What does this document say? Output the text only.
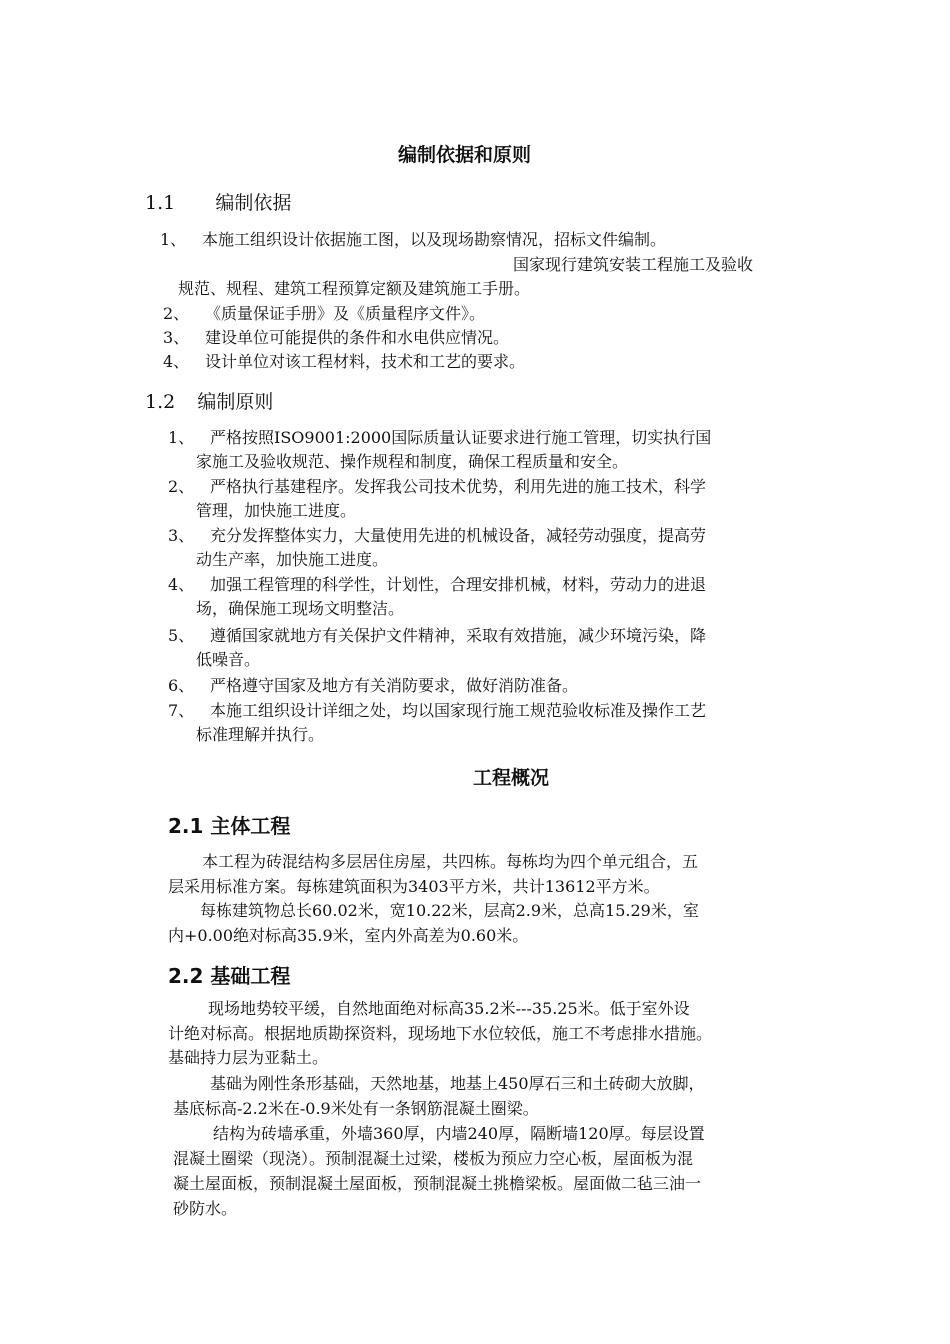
编制依据和原则
1.1 编制依据
1、 本施工组织设计依据施工图，以及现场勘察情况，招标文件编制。
国家现行建筑安装工程施工及验收
规范、规程、建筑工程预算定额及建筑施工手册。
2、 《质量保证手册》及《质量程序文件》。
3、 建设单位可能提供的条件和水电供应情况。
4、 设计单位对该工程材料，技术和工艺的要求。
1.2 编制原则
1、 严格按照ISO9001:2000国际质量认证要求进行施工管理，切实执行国
家施工及验收规范、操作规程和制度，确保工程质量和安全。
2、 严格执行基建程序。发挥我公司技术优势，利用先进的施工技术，科学
管理，加快施工进度。
3、 充分发挥整体实力，大量使用先进的机械设备，减轻劳动强度，提高劳
动生产率，加快施工进度。
4、 加强工程管理的科学性，计划性，合理安排机械，材料，劳动力的进退
场，确保施工现场文明整洁。
5、 遵循国家就地方有关保护文件精神，采取有效措施，减少环境污染，降
低噪音。
6、 严格遵守国家及地方有关消防要求，做好消防准备。
7、 本施工组织设计详细之处，均以国家现行施工规范验收标准及操作工艺
标准理解并执行。
工程概况
2.1 主体工程
本工程为砖混结构多层居住房屋，共四栋。每栋均为四个单元组合，五
层采用标准方案。每栋建筑面积为3403平方米，共计13612平方米。
每栋建筑物总长60.02米，宽10.22米，层高2.9米，总高15.29米，室
内+0.00绝对标高35.9米，室内外高差为0.60米。
2.2 基础工程
现场地势较平缓，自然地面绝对标高35.2米---35.25米。低于室外设
计绝对标高。根据地质勘探资料，现场地下水位较低，施工不考虑排水措施。
基础持力层为亚黏土。
基础为刚性条形基础，天然地基，地基上450厚石三和土砖砌大放脚，
基底标高-2.2米在-0.9米处有一条钢筋混凝土圈梁。
结构为砖墙承重，外墙360厚，内墙240厚，隔断墙120厚。每层设置
混凝土圈梁（现浇）。预制混凝土过梁，楼板为预应力空心板，屋面板为混
凝土屋面板，预制混凝土屋面板，预制混凝土挑檐梁板。屋面做二毡三油一
砂防水。
